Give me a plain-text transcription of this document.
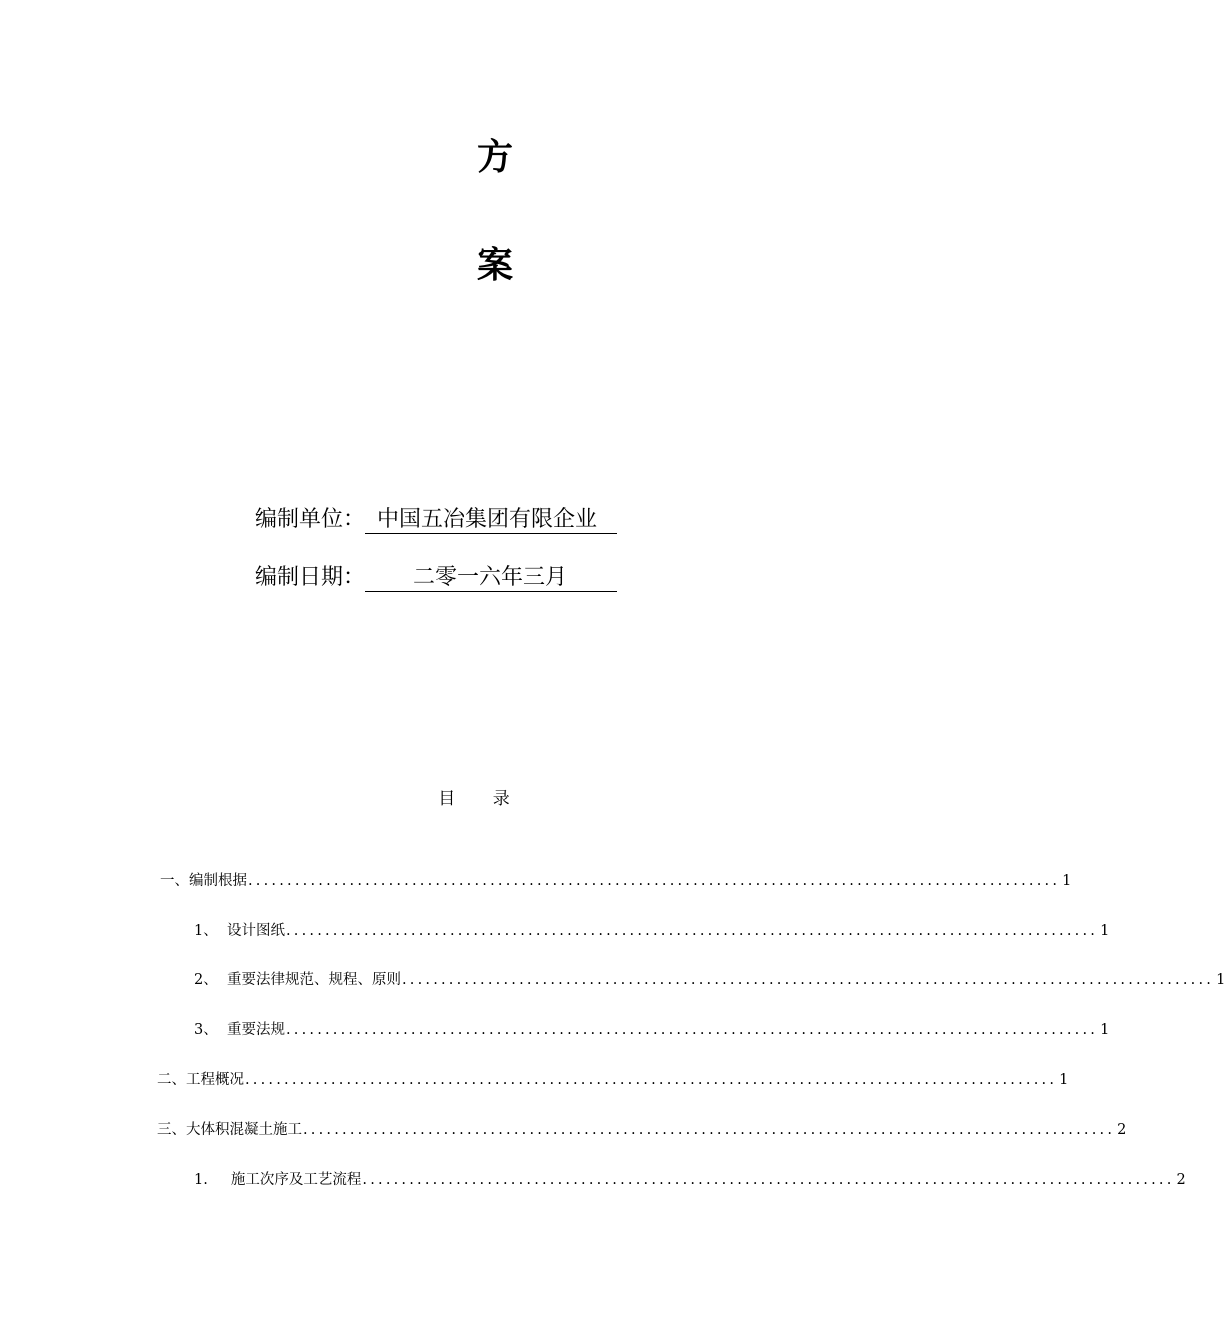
方
案
编制单位： 中国五冶集团有限企业
编制日期： 二零一六年三月
目 录
一、编制根据 ........................................................................................................ 1
1、  设计图纸 ........................................................................................................ 1
2、  重要法律规范、规程、原则 ........................................................................................................ 1
3、  重要法规 ........................................................................................................ 1
二、工程概况 ........................................................................................................ 1
三、大体积混凝土施工 ........................................................................................................ 2
1.     施工次序及工艺流程 ........................................................................................................ 2
